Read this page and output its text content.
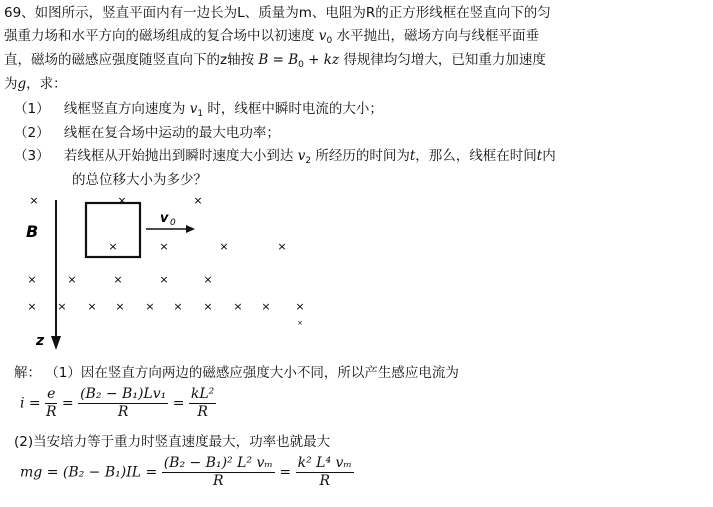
69、如图所示，竖直平面内有一边长为L、质量为m、电阻为R的正方形线框在竖直向下的匀
强重力场和水平方向的磁场组成的复合场中以初速度 $v_0$ 水平抛出，磁场方向与线框平面垂
直，磁场的磁感应强度随竖直向下的z轴按 $B = B_0$ + kz 得规律均匀增大，已知重力加速度
为g，求：
（1） 线框竖直方向速度为 $v_1$ 时，线框中瞬时电流的大小；
（2） 线框在复合场中运动的最大电功率；
（3） 若线框从开始抛出到瞬时速度大小到达 $v_2$ 所经历的时间为t，那么，线框在时间t内
的总位移大小为多少？
B
z
v 0
×	×	×
×	×	×	×
×	×	×	×	×
× × × × × × × × × ×
×
解： （1）因在竖直方向两边的磁感应强度大小不同，所以产生感应电流为
$i = \frac{e}{R} = \frac{\text{(B₂ − B₁)Lv₁}}{R} = \frac{\text{kL²}}{R}$
(2)当安培力等于重力时竖直速度最大，功率也就最大
mg = $(B_2 - B_1)IL = \frac{\text{(B₂ − B₁)² L² vₘ}}{R} = \frac{\text{k² L⁴ vₘ}}{R}$
